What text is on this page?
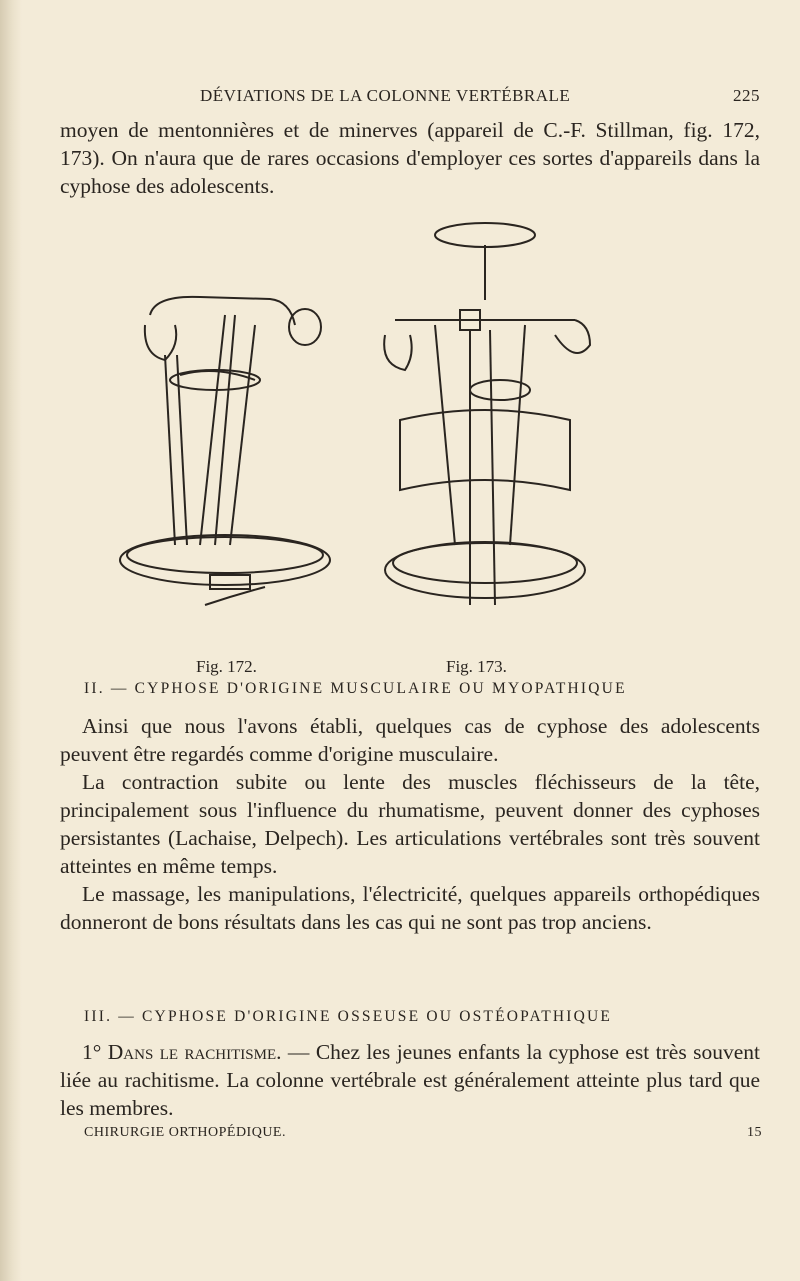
DÉVIATIONS DE LA COLONNE VERTÉBRALE	225

moyen de mentonnières et de minerves (appareil de C.-F. Stillman, fig. 172, 173). On n'aura que de rares occasions d'employer ces sortes d'appareils dans la cyphose des adolescents.

Fig. 172.	Fig. 173.
II. — CYPHOSE D'ORIGINE MUSCULAIRE OU MYOPATHIQUE
Ainsi que nous l'avons établi, quelques cas de cyphose des adolescents peuvent être regardés comme d'origine musculaire.
La contraction subite ou lente des muscles fléchisseurs de la tête, principalement sous l'influence du rhumatisme, peuvent donner des cyphoses persistantes (Lachaise, Delpech). Les articulations vertébrales sont très souvent atteintes en même temps.
Le massage, les manipulations, l'électricité, quelques appareils orthopédiques donneront de bons résultats dans les cas qui ne sont pas trop anciens.
III. — CYPHOSE D'ORIGINE OSSEUSE OU OSTÉOPATHIQUE

1° Dans le rachitisme. — Chez les jeunes enfants la cyphose est très souvent liée au rachitisme. La colonne vertébrale est généralement atteinte plus tard que les membres.

CHIRURGIE ORTHOPÉDIQUE.	15
